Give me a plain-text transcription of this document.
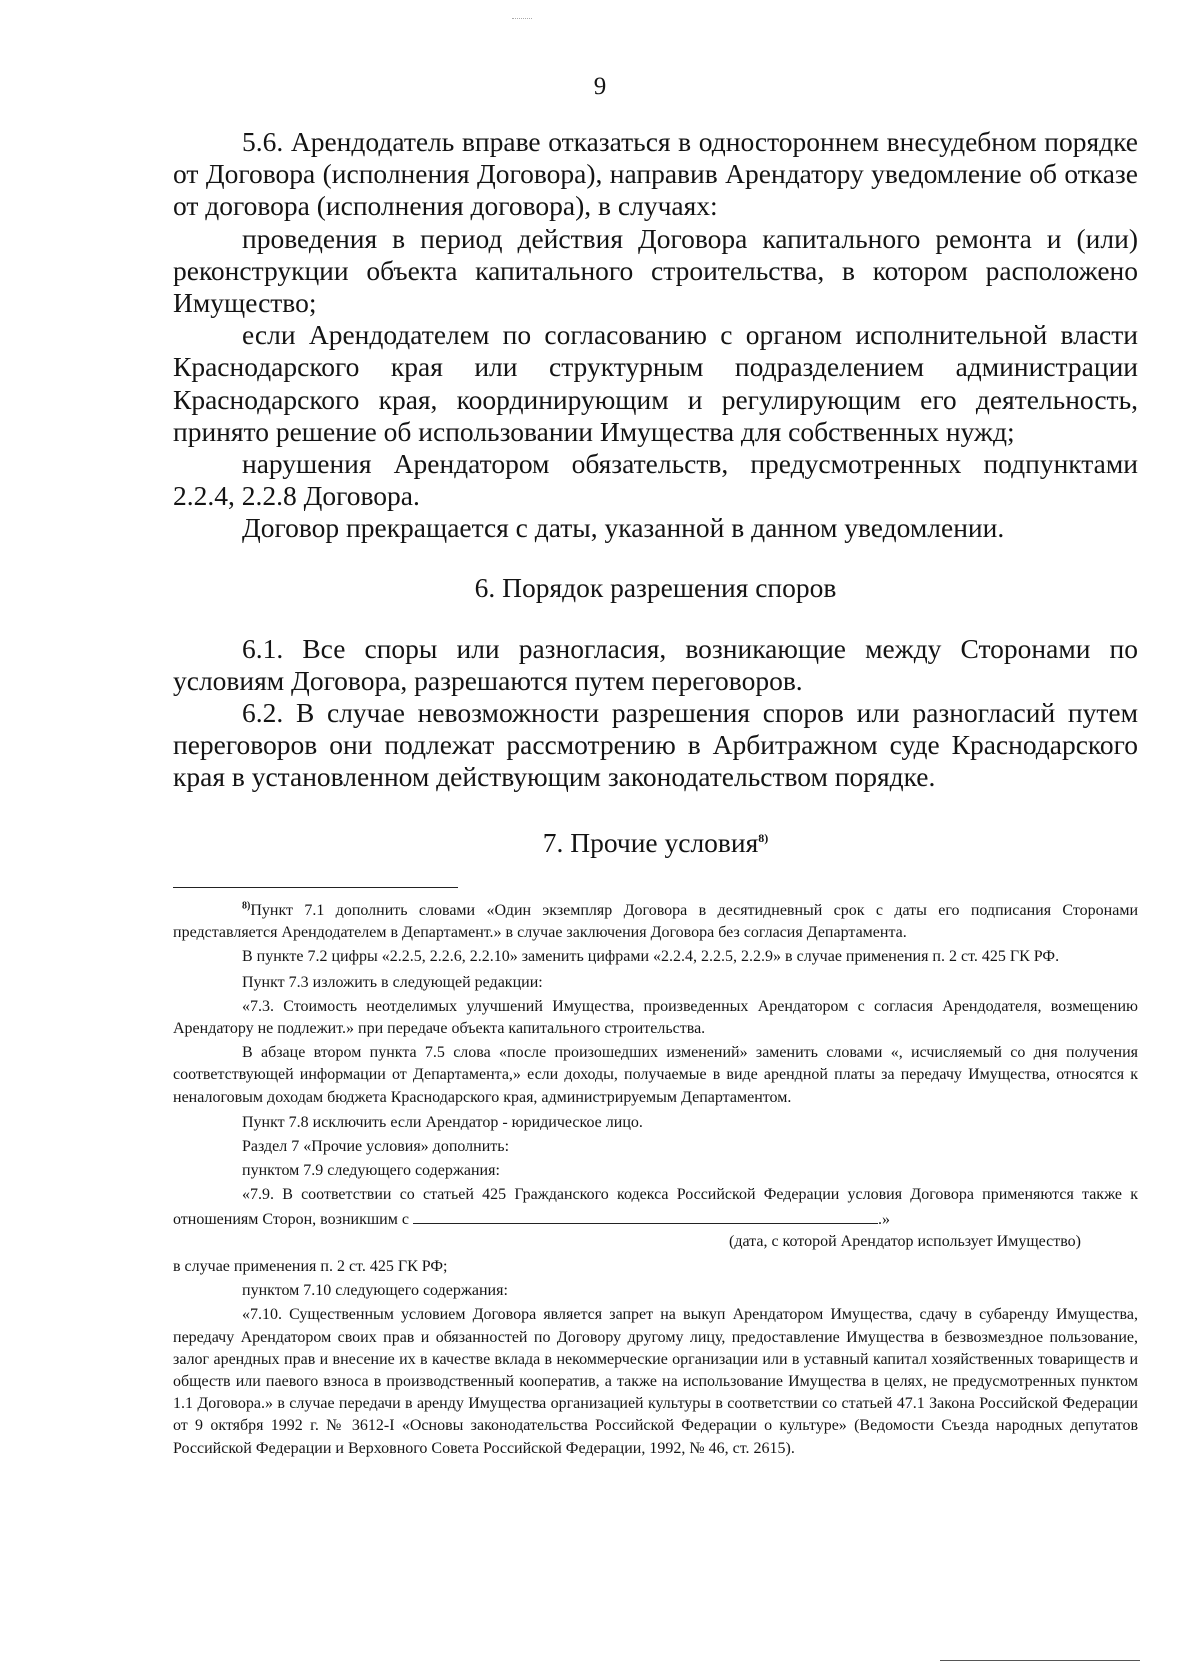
9

5.6. Арендодатель вправе отказаться в одностороннем внесудебном порядке от Договора (исполнения Договора), направив Арендатору уведомление об отказе от договора (исполнения договора), в случаях:

проведения в период действия Договора капитального ремонта и (или) реконструкции объекта капитального строительства, в котором расположено Имущество;

если Арендодателем по согласованию с органом исполнительной власти Краснодарского края или структурным подразделением администрации Краснодарского края, координирующим и регулирующим его деятельность, принято решение об использовании Имущества для собственных нужд;

нарушения Арендатором обязательств, предусмотренных подпунктами 2.2.4, 2.2.8 Договора.

Договор прекращается с даты, указанной в данном уведомлении.

6. Порядок разрешения споров

6.1. Все споры или разногласия, возникающие между Сторонами по условиям Договора, разрешаются путем переговоров.

6.2. В случае невозможности разрешения споров или разногласий путем переговоров они подлежат рассмотрению в Арбитражном суде Краснодарского края в установленном действующим законодательством порядке.

7. Прочие условия$^{8)}$

$^{8)}$Пункт 7.1 дополнить словами «Один экземпляр Договора в десятидневный срок с даты его подписания Сторонами представляется Арендодателем в Департамент.» в случае заключения Договора без согласия Департамента.

В пункте 7.2 цифры «2.2.5, 2.2.6, 2.2.10» заменить цифрами «2.2.4, 2.2.5, 2.2.9» в случае применения п. 2 ст. 425 ГК РФ.

Пункт 7.3 изложить в следующей редакции:

«7.3. Стоимость неотделимых улучшений Имущества, произведенных Арендатором с согласия Арендодателя, возмещению Арендатору не подлежит.» при передаче объекта капитального строительства.

В абзаце втором пункта 7.5 слова «после произошедших изменений» заменить словами «, исчисляемый со дня получения соответствующей информации от Департамента,» если доходы, получаемые в виде арендной платы за передачу Имущества, относятся к неналоговым доходам бюджета Краснодарского края, администрируемым Департаментом.

Пункт 7.8 исключить если Арендатор - юридическое лицо.

Раздел 7 «Прочие условия» дополнить:

пунктом 7.9 следующего содержания:

«7.9. В соответствии со статьей 425 Гражданского кодекса Российской Федерации условия Договора применяются также к отношениям Сторон, возникшим с	.»

(дата, с которой Арендатор использует Имущество)

в случае применения п. 2 ст. 425 ГК РФ;

пунктом 7.10 следующего содержания:

«7.10. Существенным условием Договора является запрет на выкуп Арендатором Имущества, сдачу в субаренду Имущества, передачу Арендатором своих прав и обязанностей по Договору другому лицу, предоставление Имущества в безвозмездное пользование, залог арендных прав и внесение их в качестве вклада в некоммерческие организации или в уставный капитал хозяйственных товариществ и обществ или паевого взноса в производственный кооператив, а также на использование Имущества в целях, не предусмотренных пунктом 1.1 Договора.» в случае передачи в аренду Имущества организацией культуры в соответствии со статьей 47.1 Закона Российской Федерации от 9 октября 1992 г. № 3612-I «Основы законодательства Российской Федерации о культуре» (Ведомости Съезда народных депутатов Российской Федерации и Верховного Совета Российской Федерации, 1992, № 46, ст. 2615).
